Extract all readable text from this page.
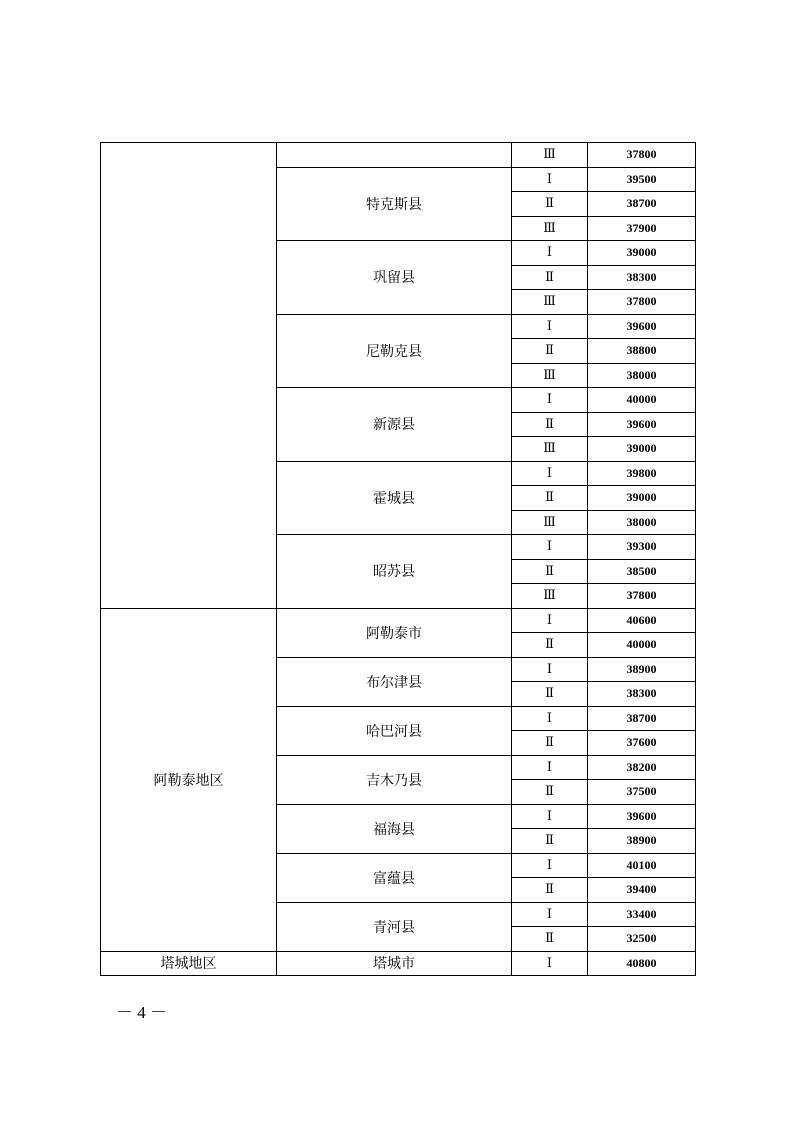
		Ⅲ	37800
	特克斯县	Ⅰ	39500
		Ⅱ	38700
		Ⅲ	37900
	巩留县	Ⅰ	39000
		Ⅱ	38300
		Ⅲ	37800
	尼勒克县	Ⅰ	39600
		Ⅱ	38800
		Ⅲ	38000
	新源县	Ⅰ	40000
		Ⅱ	39600
		Ⅲ	39000
	霍城县	Ⅰ	39800
		Ⅱ	39000
		Ⅲ	38000
	昭苏县	Ⅰ	39300
		Ⅱ	38500
		Ⅲ	37800
阿勒泰地区	阿勒泰市	Ⅰ	40600
		Ⅱ	40000
	布尔津县	Ⅰ	38900
		Ⅱ	38300
	哈巴河县	Ⅰ	38700
		Ⅱ	37600
	吉木乃县	Ⅰ	38200
		Ⅱ	37500
	福海县	Ⅰ	39600
		Ⅱ	38900
	富蕴县	Ⅰ	40100
		Ⅱ	39400
	青河县	Ⅰ	33400
		Ⅱ	32500
塔城地区	塔城市	Ⅰ	40800
－ 4 －
